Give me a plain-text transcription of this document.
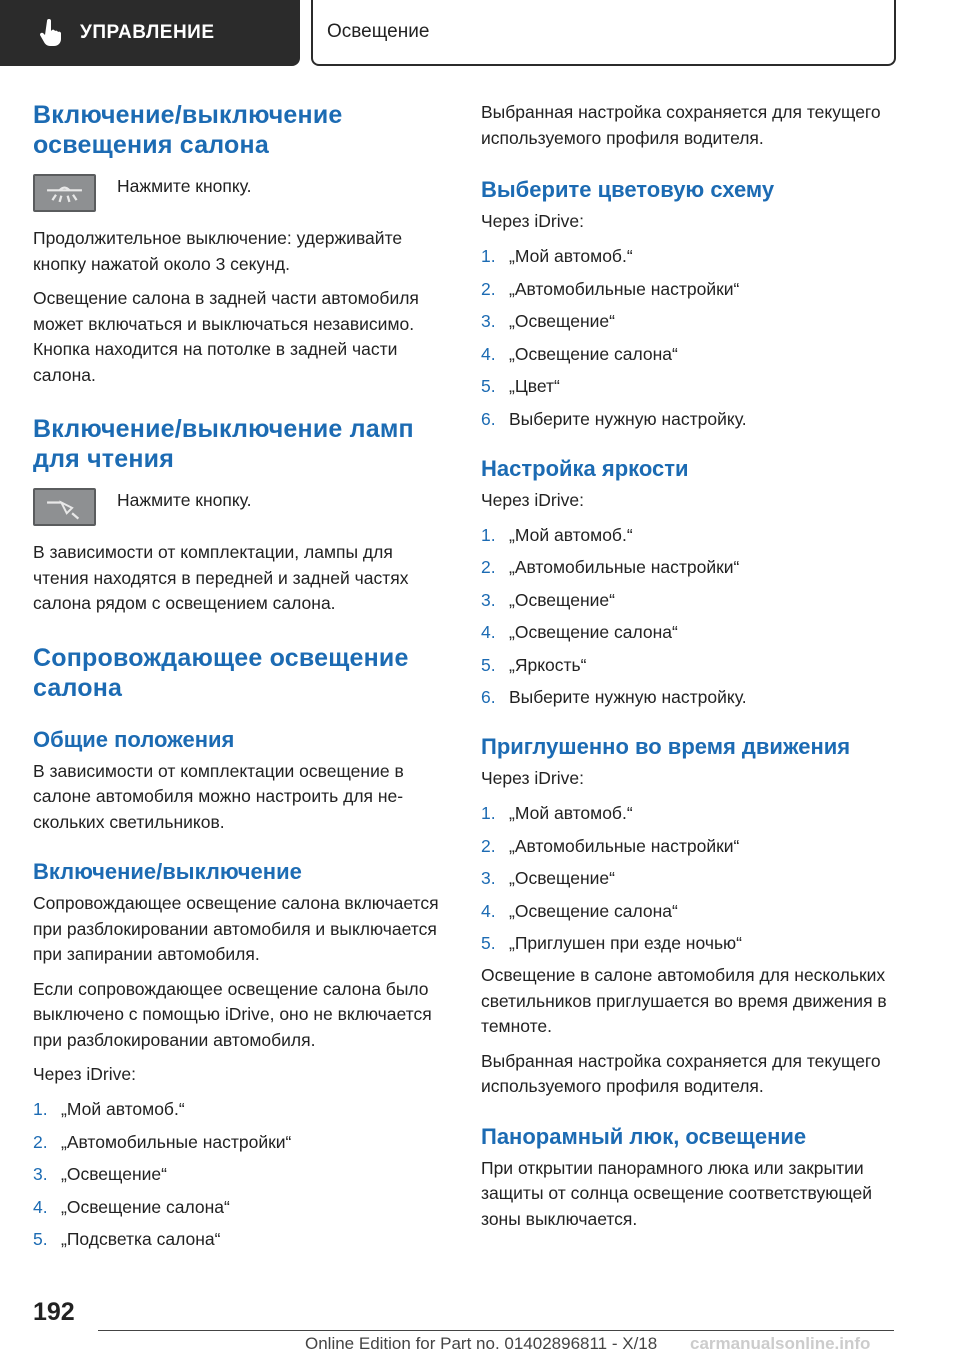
УПРАВЛЕНИЕ	Освещение
Включение/выключение освещения салона
Нажмите кнопку.

Продолжительное выключение: удерживайте кнопку нажатой около 3 секунд.

Освещение салона в задней части автомобиля может включаться и выключаться независимо. Кнопка находится на потолке в задней части салона.

Включение/выключение ламп для чтения
Нажмите кнопку.

В зависимости от комплектации, лампы для чтения находятся в передней и задней частях салона рядом с освещением салона.

Сопровождающее освещение салона
Общие положения

В зависимости от комплектации освещение в салоне автомобиля можно настроить для нескольких светильников.

Включение/выключение

Сопровождающее освещение салона включается при разблокировании автомобиля и выключается при запирании автомобиля.

Если сопровождающее освещение салона было выключено с помощью iDrive, оно не включается при разблокировании автомобиля.

Через iDrive:

1. „Мой автомоб.“
2. „Автомобильные настройки“
3. „Освещение“
4. „Освещение салона“
5. „Подсветка салона“

Выбранная настройка сохраняется для текущего используемого профиля водителя.

Выберите цветовую схему

Через iDrive:

1. „Мой автомоб.“
2. „Автомобильные настройки“
3. „Освещение“
4. „Освещение салона“
5. „Цвет“
6. Выберите нужную настройку.
Настройка яркости

Через iDrive:

1. „Мой автомоб.“
2. „Автомобильные настройки“
3. „Освещение“
4. „Освещение салона“
5. „Яркость“
6. Выберите нужную настройку.
Приглушенно во время движения

Через iDrive:

1. „Мой автомоб.“
2. „Автомобильные настройки“
3. „Освещение“
4. „Освещение салона“
5. „Приглушен при езде ночью“

Освещение в салоне автомобиля для нескольких светильников приглушается во время движения в темноте.

Выбранная настройка сохраняется для текущего используемого профиля водителя.

Панорамный люк, освещение

При открытии панорамного люка или закрытии защиты от солнца освещение соответствующей зоны выключается.

192
Online Edition for Part no. 01402896811 - X/18 carmanualsonline.info
